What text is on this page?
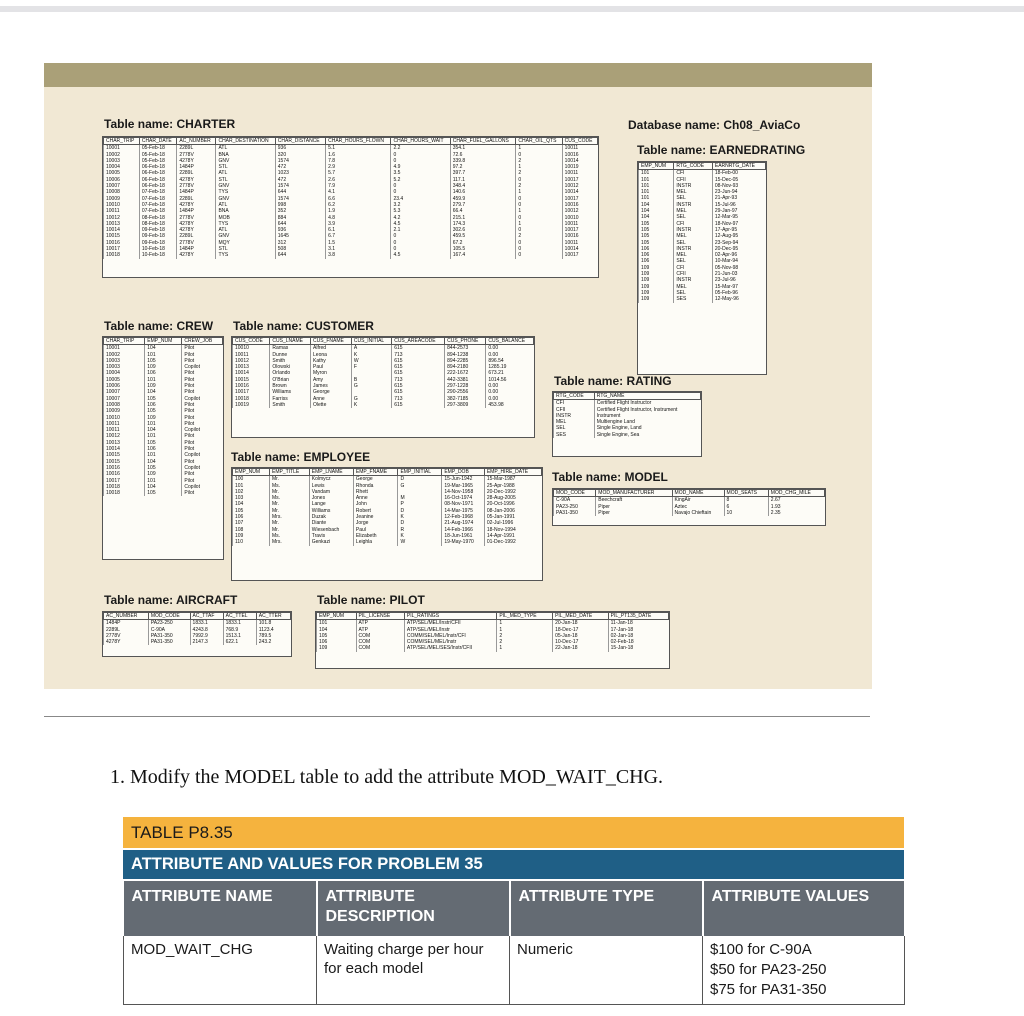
Database name: Ch08_AviaCo
Table name: CHARTER
CHAR_TRIP	CHAR_DATE	AC_NUMBER	CHAR_DESTINATION	CHAR_DISTANCE	CHAR_HOURS_FLOWN	CHAR_HOURS_WAIT	CHAR_FUEL_GALLONS	CHAR_OIL_QTS	CUS_CODE
10001	05-Feb-18	2289L	ATL	936	5.1	2.2	354.1	1	10011
10002	05-Feb-18	2778V	BNA	320	1.6	0	72.6	0	10016
10003	05-Feb-18	4278Y	GNV	1574	7.8	0	339.8	2	10014
10004	06-Feb-18	1484P	STL	472	2.9	4.9	97.2	1	10019
10005	06-Feb-18	2289L	ATL	1023	5.7	3.5	397.7	2	10011
10006	06-Feb-18	4278Y	STL	472	2.6	5.2	117.1	0	10017
10007	06-Feb-18	2778V	GNV	1574	7.9	0	348.4	2	10012
10008	07-Feb-18	1484P	TYS	644	4.1	0	140.6	1	10014
10009	07-Feb-18	2289L	GNV	1574	6.6	23.4	459.9	0	10017
10010	07-Feb-18	4278Y	ATL	998	6.2	3.2	279.7	0	10016
10011	07-Feb-18	1484P	BNA	352	1.9	5.3	66.4	1	10012
10012	08-Feb-18	2778V	MOB	884	4.8	4.2	215.1	0	10010
10013	08-Feb-18	4278Y	TYS	644	3.9	4.5	174.3	1	10011
10014	09-Feb-18	4278Y	ATL	936	6.1	2.1	302.6	0	10017
10015	09-Feb-18	2289L	GNV	1645	6.7	0	459.5	2	10016
10016	09-Feb-18	2778V	MQY	312	1.5	0	67.2	0	10011
10017	10-Feb-18	1484P	STL	508	3.1	0	105.5	0	10014
10018	10-Feb-18	4278Y	TYS	644	3.8	4.5	167.4	0	10017
Table name: EARNEDRATING
EMP_NUM	RTG_CODE	EARNRTG_DATE
101	CFI	18-Feb-00
101	CFII	15-Dec-05
101	INSTR	08-Nov-93
101	MEL	23-Jun-94
101	SEL	21-Apr-93
104	INSTR	15-Jul-96
104	MEL	29-Jan-97
104	SEL	12-Mar-95
105	CFI	18-Nov-97
105	INSTR	17-Apr-95
105	MEL	12-Aug-95
105	SEL	23-Sep-94
106	INSTR	20-Dec-95
106	MEL	02-Apr-96
106	SEL	10-Mar-94
109	CFI	05-Nov-98
109	CFII	21-Jun-03
109	INSTR	23-Jul-96
109	MEL	15-Mar-97
109	SEL	05-Feb-96
109	SES	12-May-96
Table name: CREW
CHAR_TRIP	EMP_NUM	CREW_JOB
10001	104	Pilot
10002	101	Pilot
10003	105	Pilot
10003	109	Copilot
10004	106	Pilot
10005	101	Pilot
10006	109	Pilot
10007	104	Pilot
10007	105	Copilot
10008	106	Pilot
10009	105	Pilot
10010	109	Pilot
10011	101	Pilot
10011	104	Copilot
10012	101	Pilot
10013	105	Pilot
10014	106	Pilot
10015	101	Copilot
10015	104	Pilot
10016	105	Copilot
10016	109	Pilot
10017	101	Pilot
10018	104	Copilot
10018	105	Pilot
Table name: CUSTOMER
CUS_CODE	CUS_LNAME	CUS_FNAME	CUS_INITIAL	CUS_AREACODE	CUS_PHONE	CUS_BALANCE
10010	Ramas	Alfred	A	615	844-2573	0.00
10011	Dunne	Leona	K	713	894-1238	0.00
10012	Smith	Kathy	W	615	894-2285	896.54
10013	Olowski	Paul	F	615	894-2180	1285.19
10014	Orlando	Myron		615	222-1672	673.21
10015	O'Brian	Amy	B	713	442-3381	1014.56
10016	Brown	James	G	615	297-1228	0.00
10017	Williams	George		615	290-2556	0.00
10018	Farriss	Anne	G	713	382-7185	0.00
10019	Smith	Olette	K	615	297-3809	453.98
Table name: RATING
RTG_CODE	RTG_NAME
CFI	Certified Flight Instructor
CFII	Certified Flight Instructor, Instrument
INSTR	Instrument
MEL	Multiengine Land
SEL	Single Engine, Land
SES	Single Engine, Sea
Table name: EMPLOYEE
EMP_NUM	EMP_TITLE	EMP_LNAME	EMP_FNAME	EMP_INITIAL	EMP_DOB	EMP_HIRE_DATE
100	Mr.	Kolmycz	George	D	15-Jun-1942	15-Mar-1987
101	Ms.	Lewis	Rhonda	G	19-Mar-1965	25-Apr-1988
102	Mr.	Vandam	Rhett		14-Nov-1958	20-Dec-1992
103	Ms.	Jones	Anne	M	16-Oct-1974	28-Aug-2005
104	Mr.	Lange	John	P	08-Nov-1971	20-Oct-1996
105	Mr.	Williams	Robert	D	14-Mar-1975	08-Jan-2006
106	Mrs.	Duzak	Jeanine	K	12-Feb-1968	05-Jan-1991
107	Mr.	Diante	Jorge	D	21-Aug-1974	02-Jul-1996
108	Mr.	Wiesenbach	Paul	R	14-Feb-1966	18-Nov-1994
109	Ms.	Travis	Elizabeth	K	18-Jun-1961	14-Apr-1991
110	Mrs.	Genkazi	Leighla	W	19-May-1970	01-Dec-1992
Table name: MODEL
MOD_CODE	MOD_MANUFACTURER	MOD_NAME	MOD_SEATS	MOD_CHG_MILE
C-90A	Beechcraft	KingAir	8	2.67
PA23-250	Piper	Aztec	6	1.93
PA31-350	Piper	Navajo Chieftain	10	2.35
Table name: AIRCRAFT
AC_NUMBER	MOD_CODE	AC_TTAF	AC_TTEL	AC_TTER
1484P	PA23-250	1833.1	1833.1	101.8
2289L	C-90A	4243.8	768.9	1123.4
2778V	PA31-350	7992.9	1513.1	789.5
4278Y	PA31-350	2147.3	622.1	243.2
Table name: PILOT
EMP_NUM	PIL_LICENSE	PIL_RATINGS	PIL_MED_TYPE	PIL_MED_DATE	PIL_PT135_DATE
101	ATP	ATP/SEL/MEL/Instr/CFII	1	20-Jan-18	11-Jan-18
104	ATP	ATP/SEL/MEL/Instr	1	18-Dec-17	17-Jan-18
105	COM	COMM/SEL/MEL/Instr/CFI	2	05-Jan-18	02-Jan-18
106	COM	COMM/SEL/MEL/Instr	2	10-Dec-17	02-Feb-18
109	COM	ATP/SEL/MEL/SES/Instr/CFII	1	22-Jan-18	15-Jan-18
1. Modify the MODEL table to add the attribute MOD_WAIT_CHG.
TABLE P8.35
ATTRIBUTE AND VALUES FOR PROBLEM 35
ATTRIBUTE NAME	ATTRIBUTE DESCRIPTION	ATTRIBUTE TYPE	ATTRIBUTE VALUES
MOD_WAIT_CHG	Waiting charge per hour for each model	Numeric	$100 for C-90A
$50 for PA23-250
$75 for PA31-350
